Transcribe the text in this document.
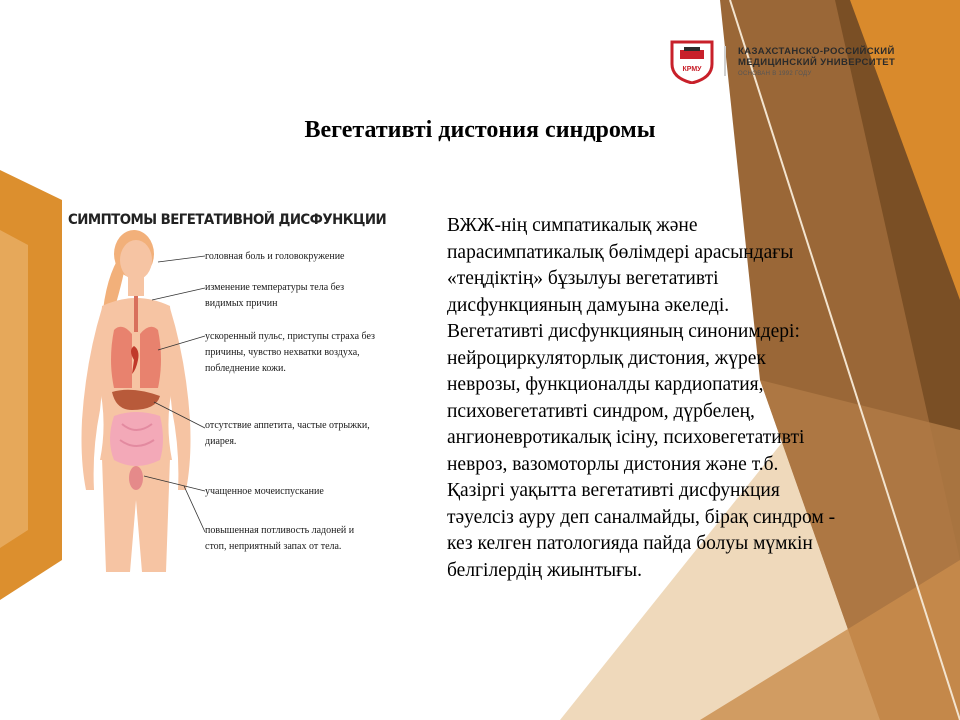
КРМУ
КАЗАХСТАНСКО-РОССИЙСКИЙ
МЕДИЦИНСКИЙ УНИВЕРСИТЕТ
ОСНОВАН В 1992 ГОДУ
Вегетативті дистония синдромы
СИМПТОМЫ ВЕГЕТАТИВНОЙ ДИСФУНКЦИИ
головная боль и головокружение
изменение температуры тела без
видимых причин
ускоренный пульс, приступы страха без
причины, чувство нехватки воздуха,
побледнение кожи.
отсутствие аппетита, частые отрыжки,
диарея.
учащенное мочеиспускание
повышенная потливость ладоней и
стоп, неприятный запах от тела.
ВЖЖ-нің симпатикалық және
парасимпатикалық бөлімдері арасындағы
«теңдіктің» бұзылуы вегетативті
дисфункцияның дамуына әкеледі.
Вегетативті дисфункцияның синонимдері:
нейроциркуляторлық дистония, жүрек
неврозы, функционалды кардиопатия,
психовегетативті синдром, дүрбелең,
ангионевротикалық ісіну, психовегетативті
невроз, вазомоторлы дистония және т.б.
Қазіргі уақытта вегетативті дисфункция
тәуелсіз ауру деп саналмайды, бірақ синдром -
кез келген патологияда пайда болуы мүмкін
белгілердің жиынтығы.
